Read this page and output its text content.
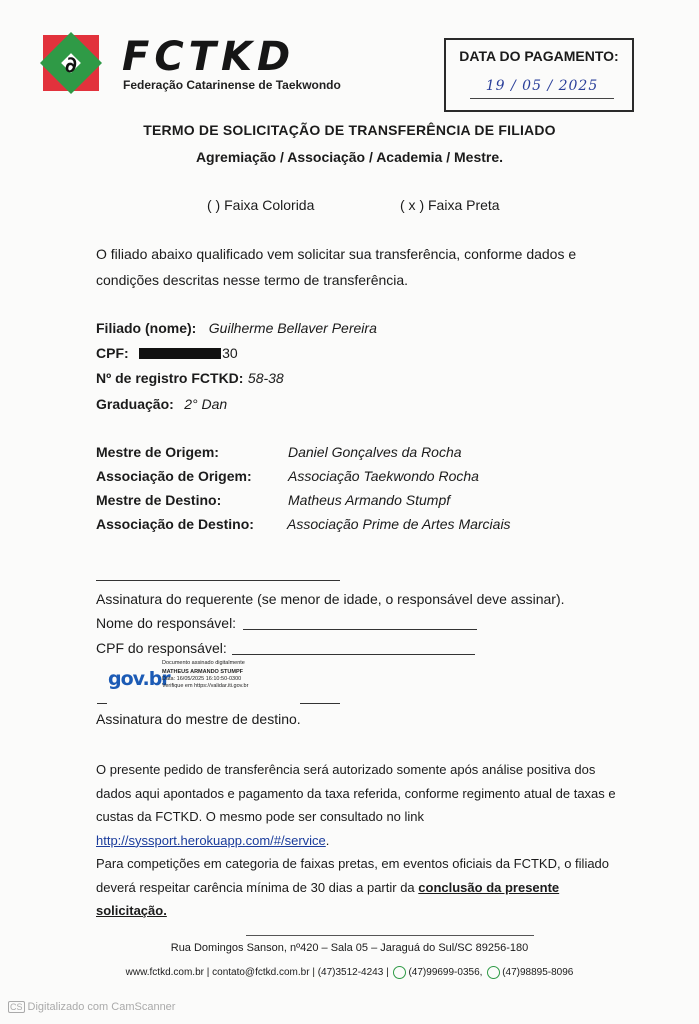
∂ FCTKD
Federação Catarinense de Taekwondo
DATA DO PAGAMENTO:
19 / 05 / 2025
TERMO DE SOLICITAÇÃO DE TRANSFERÊNCIA DE FILIADO
Agremiação / Associação / Academia / Mestre.
( ) Faixa Colorida	( x ) Faixa Preta
O filiado abaixo qualificado vem solicitar sua transferência, conforme dados e
condições descritas nesse termo de transferência.
Filiado (nome): Guilherme Bellaver Pereira
CPF:	30
Nº de registro FCTKD: 58-38
Graduação: 2° Dan
Mestre de Origem:	Daniel Gonçalves da Rocha
Associação de Origem:	Associação Taekwondo Rocha
Mestre de Destino:	Matheus Armando Stumpf
Associação de Destino: Associação Prime de Artes Marciais
Assinatura do requerente (se menor de idade, o responsável deve assinar).
Nome do responsável:
CPF do responsável:
gov.br
Documento assinado digitalmente
MATHEUS ARMANDO STUMPF
Data: 16/05/2025 16:10:50-0300
Verifique em https://validar.iti.gov.br
Assinatura do mestre de destino.
O presente pedido de transferência será autorizado somente após análise positiva dos
dados aqui apontados e pagamento da taxa referida, conforme regimento atual de taxas e
custas da FCTKD. O mesmo pode ser consultado no link
http://syssport.herokuapp.com/#/service.
Para competições em categoria de faixas pretas, em eventos oficiais da FCTKD, o filiado
deverá respeitar carência mínima de 30 dias a partir da conclusão da presente
solicitação.
Rua Domingos Sanson, nº420 – Sala 05 – Jaraguá do Sul/SC 89256-180
www.fctkd.com.br | contato@fctkd.com.br | (47)3512-4243 | (47)99699-0356, (47)98895-8096
CS Digitalizado com CamScanner
